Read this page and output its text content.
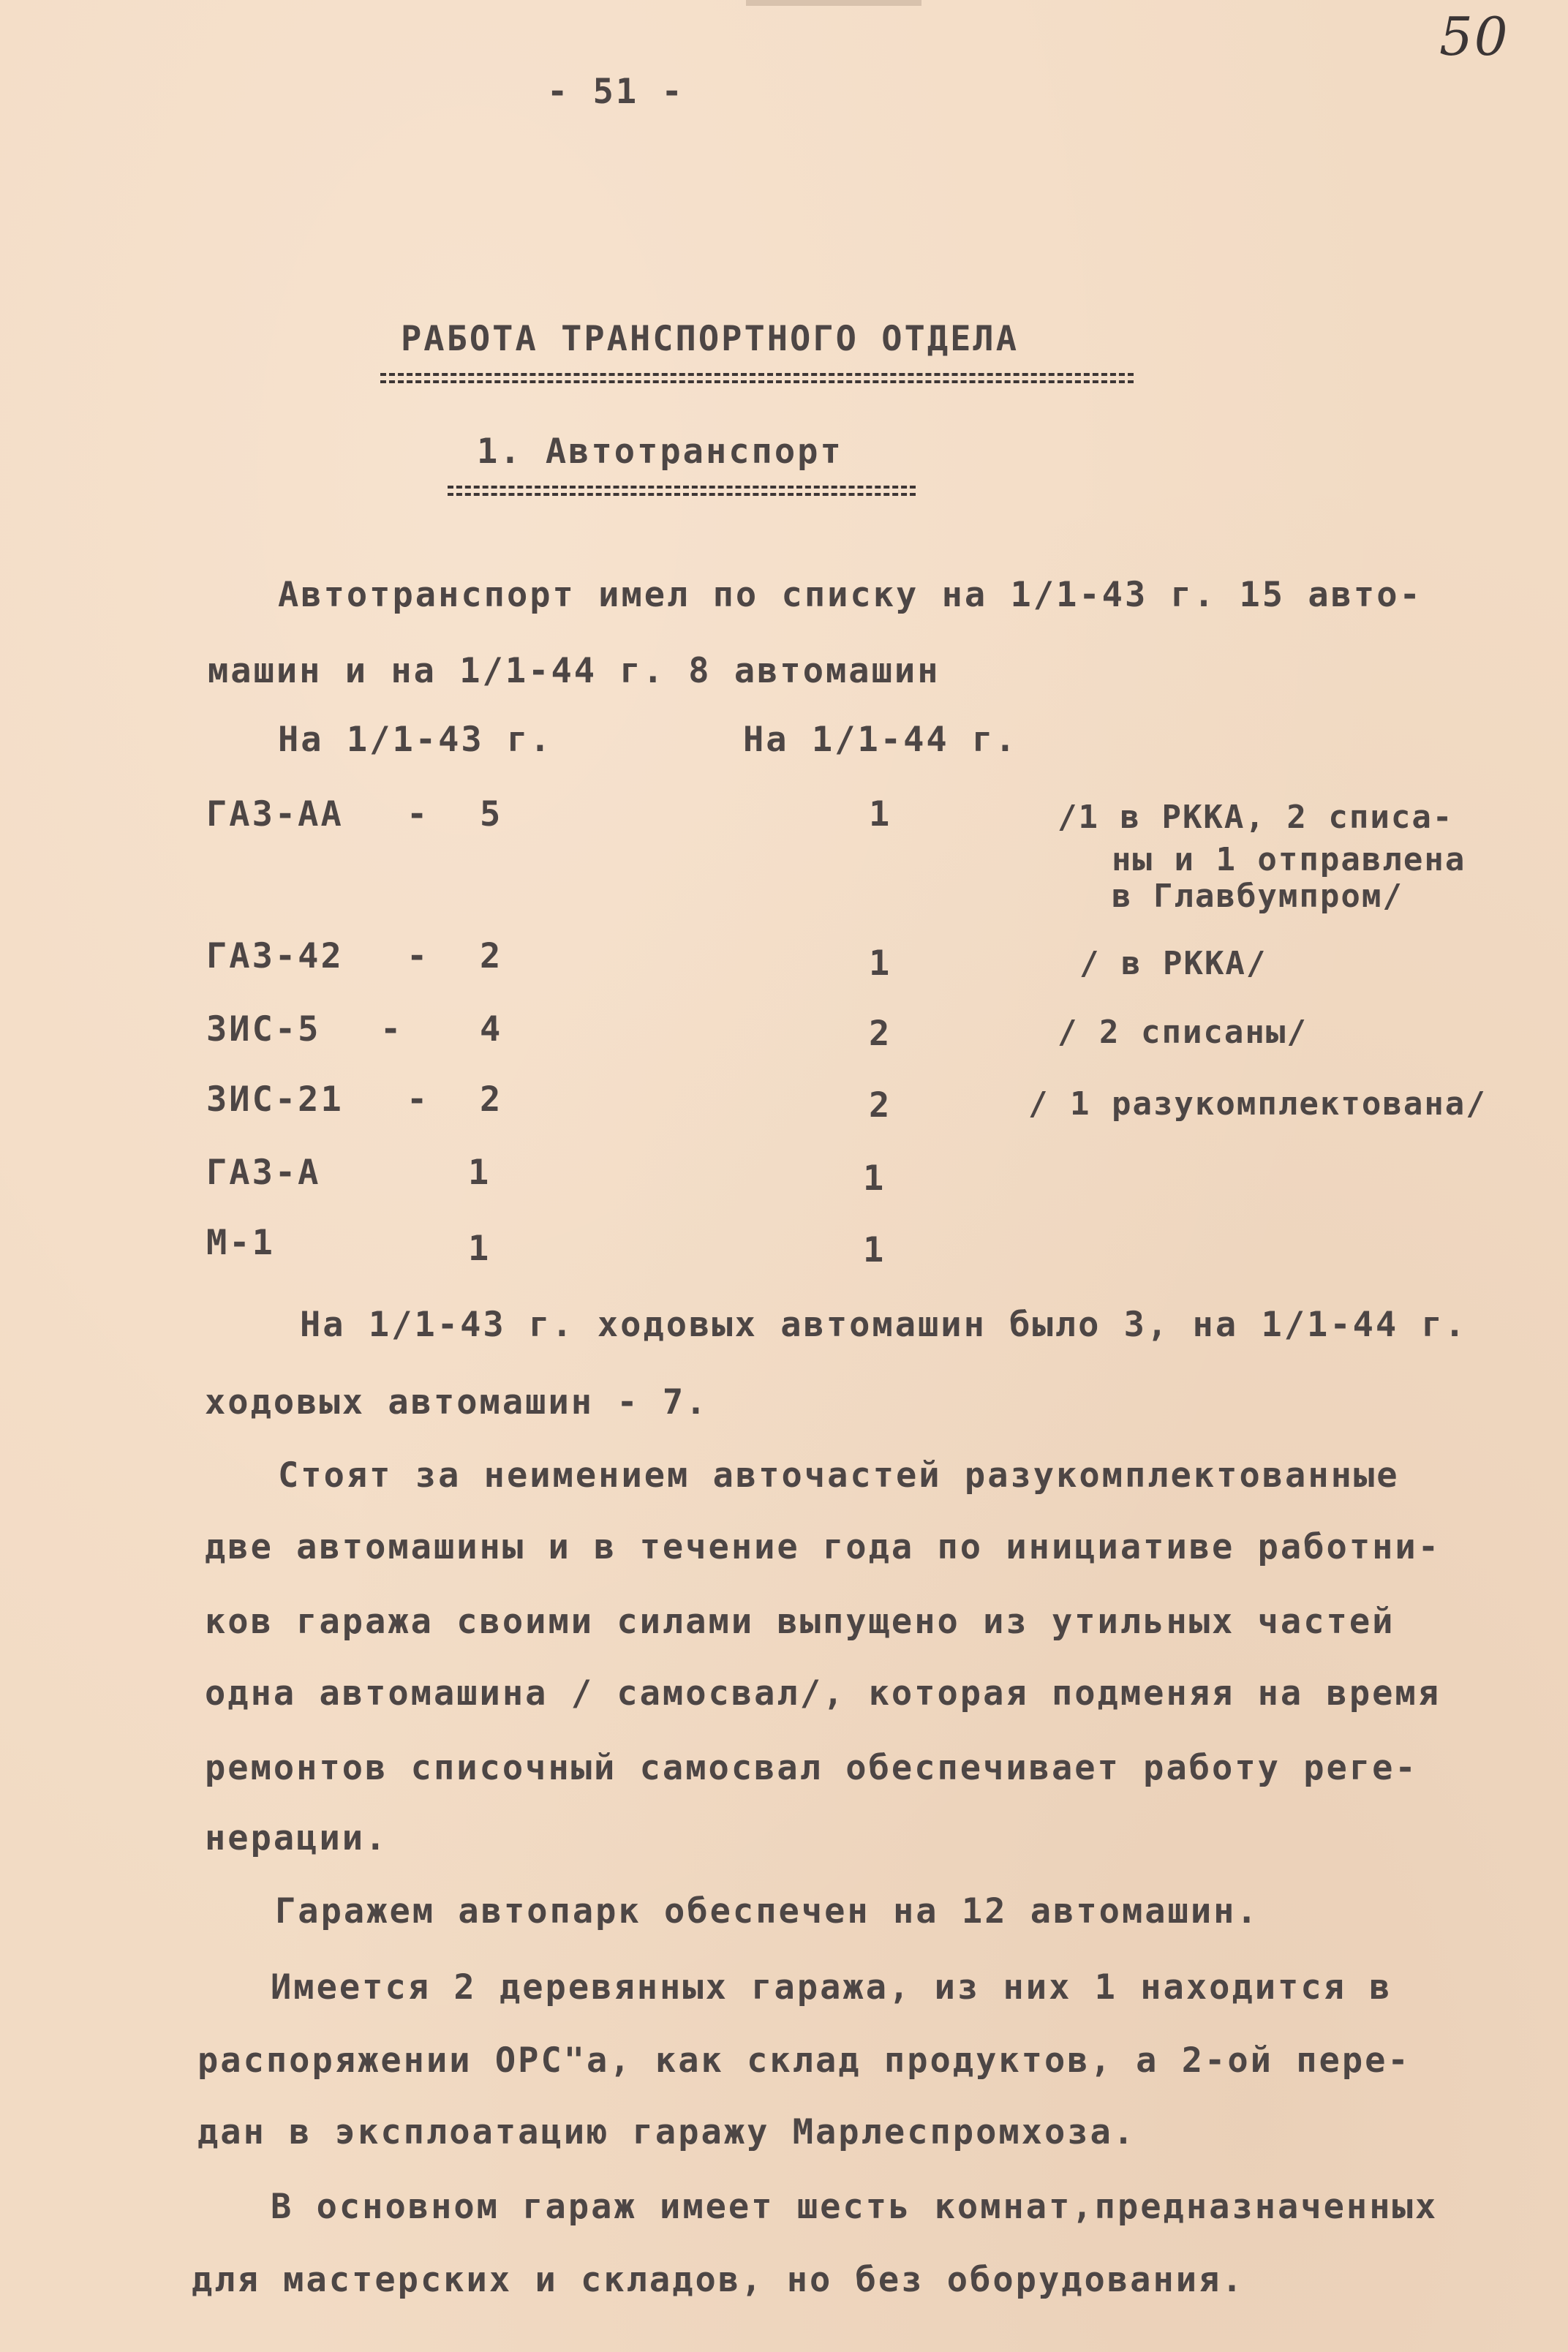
50
- 51 -
РАБОТА ТРАНСПОРТНОГО ОТДЕЛА
1. Автотранспорт
Автотранспорт имел по списку на 1/1-43 г. 15 авто-
машин и на 1/1-44 г. 8 автомашин
На 1/1-43 г.	На 1/1-44 г.
ГАЗ-АА - 5	1	/1 в РККА, 2 списа-
ны и 1 отправлена
в Главбумпром/
ГАЗ-42 - 2	1	/ в РККА/
ЗИС-5 - 4	2	/ 2 списаны/
ЗИС-21 - 2	2	/ 1 разукомплектована/
ГАЗ-А	1	1
М-1	1	1
На 1/1-43 г. ходовых автомашин было 3, на 1/1-44 г.
ходовых автомашин - 7.
Стоят за неимением авточастей разукомплектованные
две автомашины и в течение года по инициативе работни-
ков гаража своими силами выпущено из утильных частей
одна автомашина / самосвал/, которая подменяя на время
ремонтов списочный самосвал обеспечивает работу реге-
нерации.
Гаражем автопарк обеспечен на 12 автомашин.
Имеется 2 деревянных гаража, из них 1 находится в
распоряжении ОРС"а, как склад продуктов, а 2-ой пере-
дан в эксплоатацию гаражу Марлеспромхоза.
В основном гараж имеет шесть комнат,предназначенных
для мастерских и складов, но без оборудования.
